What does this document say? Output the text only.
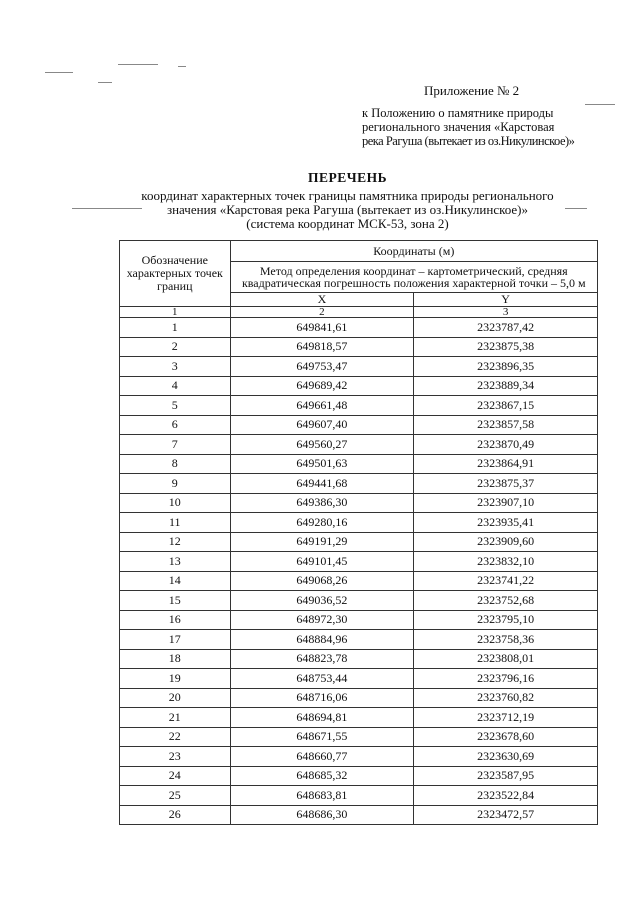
Приложение № 2
к Положению о памятнике природы
регионального значения «Карстовая
река Рагуша (вытекает из оз.Никулинское)»
ПЕРЕЧЕНЬ
координат характерных точек границы памятника природы регионального
значения «Карстовая река Рагуша (вытекает из оз.Никулинское)»
(система координат МСК-53, зона 2)
Обозначение характерных точек границ	Координаты (м)	
	Метод определения координат – картометрический, средняя квадратическая погрешность положения характерной точки – 5,0 м	
	X	Y
1	2	3
1	649841,61	2323787,42
2	649818,57	2323875,38
3	649753,47	2323896,35
4	649689,42	2323889,34
5	649661,48	2323867,15
6	649607,40	2323857,58
7	649560,27	2323870,49
8	649501,63	2323864,91
9	649441,68	2323875,37
10	649386,30	2323907,10
11	649280,16	2323935,41
12	649191,29	2323909,60
13	649101,45	2323832,10
14	649068,26	2323741,22
15	649036,52	2323752,68
16	648972,30	2323795,10
17	648884,96	2323758,36
18	648823,78	2323808,01
19	648753,44	2323796,16
20	648716,06	2323760,82
21	648694,81	2323712,19
22	648671,55	2323678,60
23	648660,77	2323630,69
24	648685,32	2323587,95
25	648683,81	2323522,84
26	648686,30	2323472,57
